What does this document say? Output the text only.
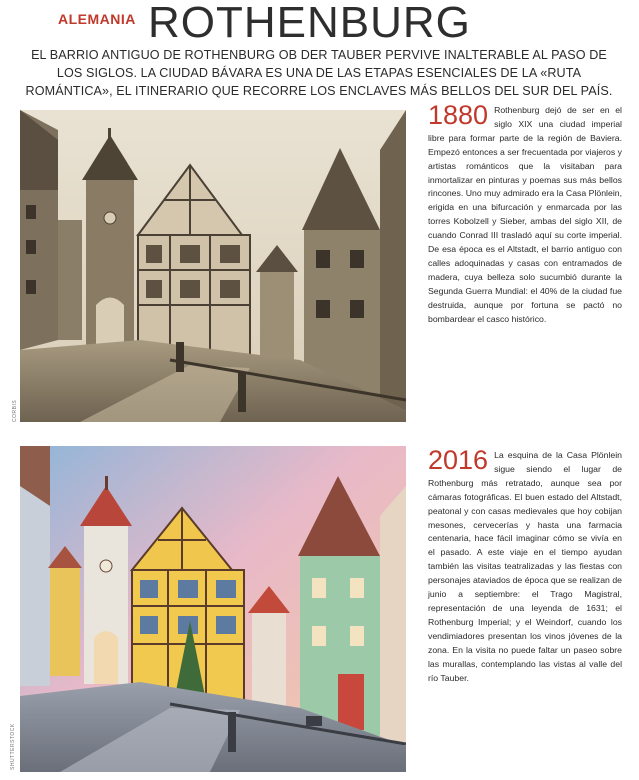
ALEMANIA ROTHENBURG

EL BARRIO ANTIGUO DE ROTHENBURG OB DER TAUBER PERVIVE INALTERABLE AL PASO DE LOS SIGLOS. LA CIUDAD BÁVARA ES UNA DE LAS ETAPAS ESENCIALES DE LA «RUTA ROMÁNTICA», EL ITINERARIO QUE RECORRE LOS ENCLAVES MÁS BELLOS DEL SUR DEL PAÍS.

CORBIS
1880 Rothenburg dejó de ser en el siglo XIX una ciudad imperial libre para formar parte de la región de Baviera. Empezó entonces a ser frecuentada por viajeros y artistas románticos que la visitaban para inmortalizar en pinturas y poemas sus más bellos rincones. Uno muy admirado era la Casa Plönlein, erigida en una bifurcación y enmarcada por las torres Kobolzell y Sieber, ambas del siglo XII, de cuando Conrad III trasladó aquí su corte imperial. De esa época es el Altstadt, el barrio antiguo con calles adoquinadas y casas con entramados de madera, cuya belleza solo sucumbió durante la Segunda Guerra Mundial: el 40% de la ciudad fue destruida, aunque por fortuna se pactó no bombardear el casco histórico.
SHUTTERSTOCK
2016 La esquina de la Casa Plönlein sigue siendo el lugar de Rothenburg más retratado, aunque sea por cámaras fotográficas. El buen estado del Altstadt, peatonal y con casas medievales que hoy cobijan mesones, cervecerías y hasta una farmacia centenaria, hace fácil imaginar cómo se vivía en el pasado. A este viaje en el tiempo ayudan también las visitas teatralizadas y las fiestas con personajes ataviados de época que se realizan de junio a septiembre: el Trago Magistral, representación de una leyenda de 1631; el Rothenburg Imperial; y el Weindorf, cuando los vendimiadores presentan los vinos jóvenes de la zona. En la visita no puede faltar un paseo sobre las murallas, contemplando las vistas al valle del río Tauber.
